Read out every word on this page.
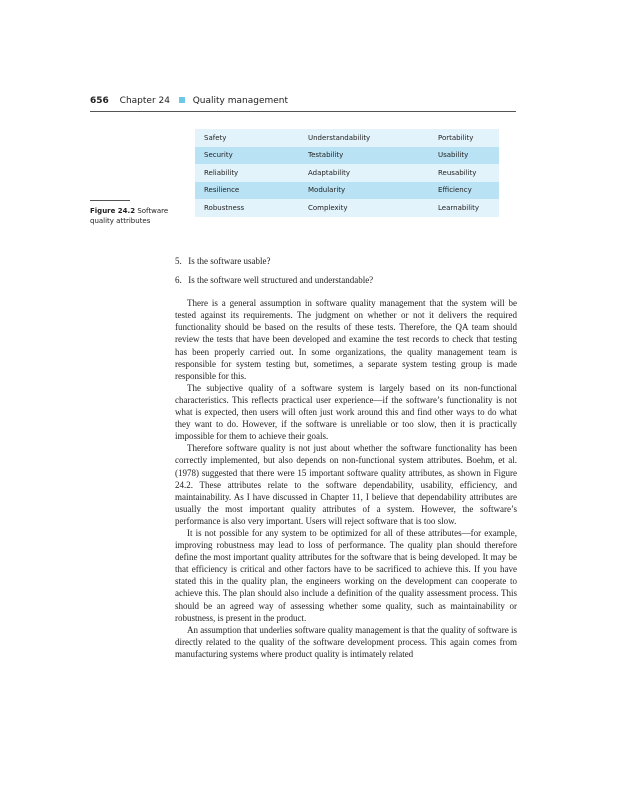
656 Chapter 24	Quality management
Safety	Understandability	Portability
Security	Testability	Usability
Reliability	Adaptability	Reusability
Resilience	Modularity	Efficiency
Robustness	Complexity	Learnability
Figure 24.2 Software quality attributes
5. Is the software usable?
6. Is the software well structured and understandable?

There is a general assumption in software quality management that the system will be tested against its requirements. The judgment on whether or not it delivers the required functionality should be based on the results of these tests. Therefore, the QA team should review the tests that have been developed and examine the test records to check that testing has been properly carried out. In some organizations, the quality management team is responsible for system testing but, sometimes, a separate system testing group is made responsible for this.

The subjective quality of a software system is largely based on its non-functional characteristics. This reflects practical user experience—if the software’s functionality is not what is expected, then users will often just work around this and find other ways to do what they want to do. However, if the software is unreliable or too slow, then it is practically impossible for them to achieve their goals.

Therefore software quality is not just about whether the software functionality has been correctly implemented, but also depends on non-functional system attributes. Boehm, et al. (1978) suggested that there were 15 important software quality attributes, as shown in Figure 24.2. These attributes relate to the software dependability, usability, efficiency, and maintainability. As I have discussed in Chapter 11, I believe that dependability attributes are usually the most important quality attributes of a system. However, the software’s performance is also very important. Users will reject software that is too slow.

It is not possible for any system to be optimized for all of these attributes—for example, improving robustness may lead to loss of performance. The quality plan should therefore define the most important quality attributes for the software that is being developed. It may be that efficiency is critical and other factors have to be sacrificed to achieve this. If you have stated this in the quality plan, the engineers working on the development can cooperate to achieve this. The plan should also include a definition of the quality assessment process. This should be an agreed way of assessing whether some quality, such as maintainability or robustness, is present in the product.

An assumption that underlies software quality management is that the quality of software is directly related to the quality of the software development process. This again comes from manufacturing systems where product quality is intimately related
